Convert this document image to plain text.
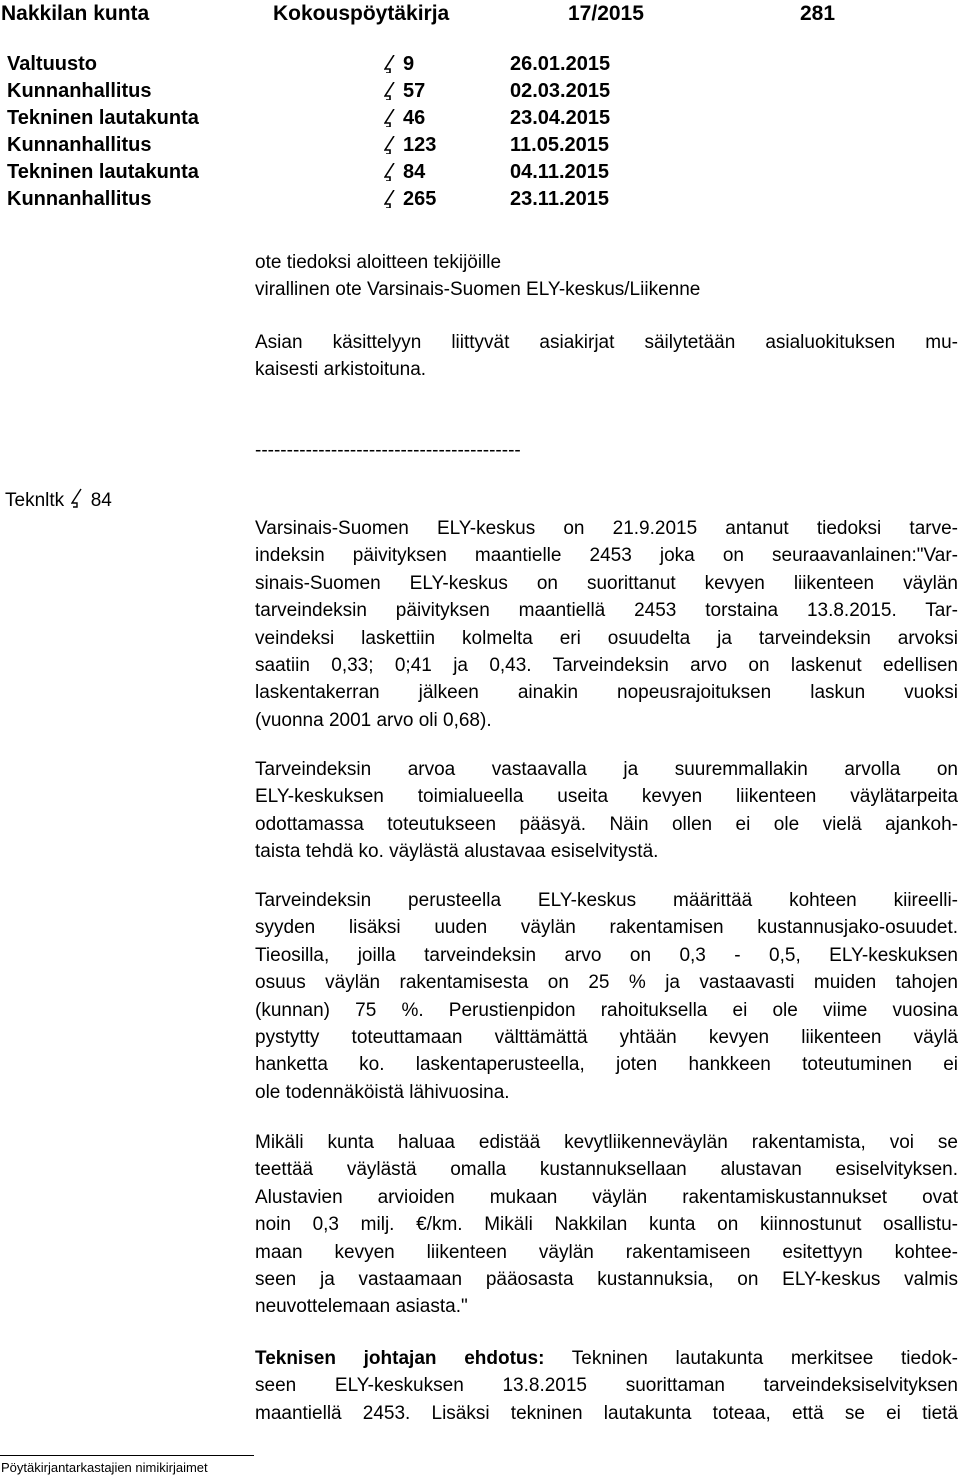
Nakkilan kunta	Kokouspöytäkirja	17/2015	281
Valtuusto	9	26.01.2015
Kunnanhallitus	57	02.03.2015
Tekninen lautakunta	46	23.04.2015
Kunnanhallitus	123	11.05.2015
Tekninen lautakunta	84	04.11.2015
Kunnanhallitus	265	23.11.2015
ote tiedoksi aloitteen tekijöille
virallinen ote Varsinais-Suomen ELY-keskus/Liikenne
Asian käsittelyyn liittyvät asiakirjat säilytetään asialuokituksen mu-
kaisesti arkistoituna.
------------------------------------------
Teknltk 84
Varsinais-Suomen ELY-keskus on 21.9.2015 antanut tiedoksi tarve-
indeksin päivityksen maantielle 2453 joka on seuraavanlainen:"Var-
sinais-Suomen ELY-keskus on suorittanut kevyen liikenteen väylän
tarveindeksin päivityksen maantiellä 2453 torstaina 13.8.2015. Tar-
veindeksi laskettiin kolmelta eri osuudelta ja tarveindeksin arvoksi
saatiin 0,33; 0;41 ja 0,43. Tarveindeksin arvo on laskenut edellisen
laskentakerran jälkeen ainakin nopeusrajoituksen laskun vuoksi
(vuonna 2001 arvo oli 0,68).
Tarveindeksin arvoa vastaavalla ja suuremmallakin arvolla on
ELY-keskuksen toimialueella useita kevyen liikenteen väylätarpeita
odottamassa toteutukseen pääsyä. Näin ollen ei ole vielä ajankoh-
taista tehdä ko. väylästä alustavaa esiselvitystä.
Tarveindeksin perusteella ELY-keskus määrittää kohteen kiireelli-
syyden lisäksi uuden väylän rakentamisen kustannusjako-osuudet.
Tieosilla, joilla tarveindeksin arvo on 0,3 - 0,5, ELY-keskuksen
osuus väylän rakentamisesta on 25 % ja vastaavasti muiden tahojen
(kunnan) 75 %. Perustienpidon rahoituksella ei ole viime vuosina
pystytty toteuttamaan välttämättä yhtään kevyen liikenteen väylä
hanketta ko. laskentaperusteella, joten hankkeen toteutuminen ei
ole todennäköistä lähivuosina.
Mikäli kunta haluaa edistää kevytliikenneväylän rakentamista, voi se
teettää väylästä omalla kustannuksellaan alustavan esiselvityksen.
Alustavien arvioiden mukaan väylän rakentamiskustannukset ovat
noin 0,3 milj. €/km. Mikäli Nakkilan kunta on kiinnostunut osallistu-
maan kevyen liikenteen väylän rakentamiseen esitettyyn kohtee-
seen ja vastaamaan pääosasta kustannuksia, on ELY-keskus valmis
neuvottelemaan asiasta."
Teknisen johtajan ehdotus: Tekninen lautakunta merkitsee tiedok-
seen ELY-keskuksen 13.8.2015 suorittaman tarveindeksiselvityksen
maantiellä 2453. Lisäksi tekninen lautakunta toteaa, että se ei tietä
Pöytäkirjantarkastajien nimikirjaimet
